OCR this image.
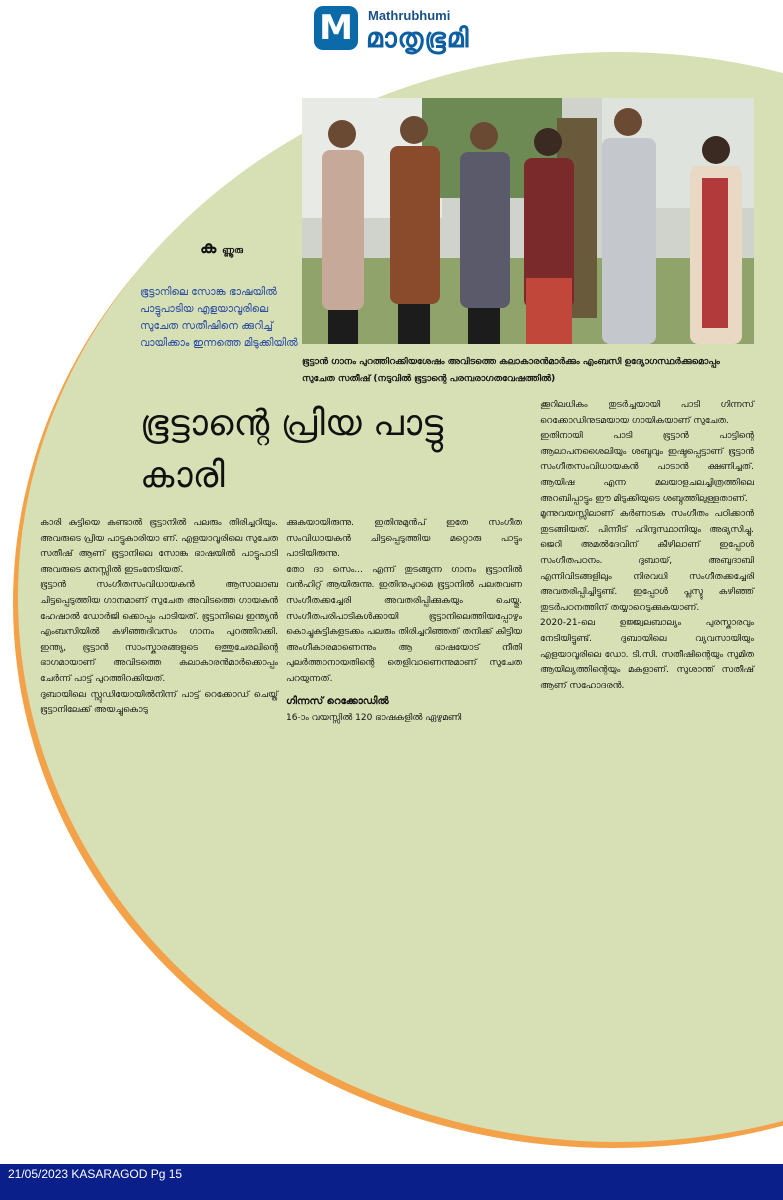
M	Mathrubhumi
മാതൃഭൂമി
ഭൂട്ടാൻ ഗാനം പുറത്തിറക്കിയശേഷം അവിടത്തെ കലാകാരൻമാർക്കും എംബസി ഉദ്യോഗസ്ഥർക്കുമൊപ്പം സുചേത സതീഷ് (നടുവിൽ ഭൂട്ടാന്റെ പരമ്പരാഗതവേഷത്തിൽ)
ക ണ്ണൂരു
ഭൂട്ടാനിലെ സോങ്ക ഭാഷയിൽ പാട്ടുപാടിയ എളയാവൂരിലെ സുചേത സതീഷിനെ ക്കുറിച്ച് വായിക്കാം ഇന്നത്തെ മിടുക്കിയിൽ
ഭൂട്ടാന്റെ പ്രിയ പാട്ടു കാരി

കാരി കുട്ടിയെ കണ്ടാൽ ഭൂട്ടാനിൽ പലരും തിരിച്ചറിയും. അവരുടെ പ്രിയ പാട്ടുകാരിയാ ണ്. എളയാവൂരിലെ സുചേത സതീഷ് ആണ് ഭൂട്ടാനിലെ സോങ്ക ഭാഷയിൽ പാട്ടുപാടി അവരുടെ മനസ്സിൽ ഇടംനേടിയത്.

ഭൂട്ടാൻ സംഗീതസംവിധായകൻ ആസാലാബ ചിട്ടപ്പെടുത്തിയ ഗാനമാണ് സുചേത അവിടത്തെ ഗായകൻ ഹേഷാൽ ഡോർജി ക്കൊപ്പം പാടിയത്. ഭൂട്ടാനിലെ ഇന്ത്യൻ എംബസിയിൽ കഴിഞ്ഞദിവസം ഗാനം പുറത്തിറക്കി. ഇന്ത്യ, ഭൂട്ടാൻ സാംസ്കാരങ്ങളുടെ ഒത്തുചേരലിന്റെ ഭാഗമായാണ് അവിടത്തെ കലാകാരൻമാർക്കൊപ്പം ചേർന്ന് പാട്ട് പുറത്തിറക്കിയത്.

ദുബായിലെ സ്റ്റുഡിയോയിൽനിന്ന് പാട്ട് റെക്കോഡ് ചെയ്ത് ഭൂട്ടാനിലേക്ക് അയച്ചുകൊടു

ക്കുകയായിരുന്നു. ഇതിനുമുൻപ് ഇതേ സംഗീത സംവിധായകൻ ചിട്ടപ്പെടുത്തിയ മറ്റൊരു പാട്ടും പാടിയിരുന്നു.

തോ ദാ സെം... എന്ന് തുടങ്ങുന്ന ഗാനം ഭൂട്ടാനിൽ വൻഹിറ്റ് ആയിരുന്നു. ഇതിനുപുറമെ ഭൂട്ടാനിൽ പലതവണ സംഗീതക്കച്ചേരി അവതരിപ്പിക്കുകയും ചെയ്തു. സംഗീതപരിപാടികൾക്കായി ഭൂട്ടാനിലെത്തിയപ്പോഴും കൊച്ചുകുട്ടികളടക്കം പലരും തിരിച്ചറിഞ്ഞത് തനിക്ക് കിട്ടിയ അംഗീകാരമാണെന്നും ആ ഭാഷയോട് നീതി പുലർത്താനായതിന്റെ തെളിവാണെന്നുമാണ് സുചേത പറയുന്നത്.

ഗിന്നസ് റെക്കോഡിൽ

16-ാം വയസ്സിൽ 120 ഭാഷകളിൽ ഏഴുമണി

ക്കൂറിലധികം തുടർച്ചയായി പാടി ഗിന്നസ് റെക്കോഡിനുടമയായ ഗായികയാണ് സുചേത.

ഇതിനായി പാടി ഭൂട്ടാൻ പാട്ടിന്റെ ആലാപനശൈലിയും ശബ്ദവും ഇഷ്ടപ്പെട്ടാണ് ഭൂട്ടാൻ സംഗീതസംവിധായകൻ പാടാൻ ക്ഷണിച്ചത്. ആയിഷ എന്ന മലയാളചലച്ചിത്രത്തിലെ അറബിപ്പാട്ടും ഈ മിടുക്കിയുടെ ശബ്ദത്തിലുള്ളതാണ്.

മൂന്നുവയസ്സിലാണ് കർണാടക സംഗീതം പഠിക്കാൻ തുടങ്ങിയത്. പിന്നീട് ഹിന്ദുസ്ഥാനിയും അഭ്യസിച്ചു. ജെറി അമൽദേവിന് കീഴിലാണ് ഇപ്പോൾ സംഗീതപഠനം. ദുബായ്, അബുദാബി എന്നിവിടങ്ങളിലും നിരവധി സംഗീതക്കച്ചേരി അവതരിപ്പിച്ചിട്ടുണ്ട്. ഇപ്പോൾ പ്ലസ്ടു കഴിഞ്ഞ് തുടർപഠനത്തിന് തയ്യാറെടുക്കുകയാണ്.

2020-21-ലെ ഉജ്ജ്വലബാല്യം പുരസ്കാരവും നേടിയിട്ടുണ്ട്. ദുബായിലെ വ്യവസായിയും എളയാവൂരിലെ ഡോ. ടി.സി. സതീഷിന്റെയും സുമിത ആയില്യത്തിന്റെയും മകളാണ്. സുശാന്ത് സതീഷ് ആണ് സഹോദരൻ.

21/05/2023 KASARAGOD Pg 15
